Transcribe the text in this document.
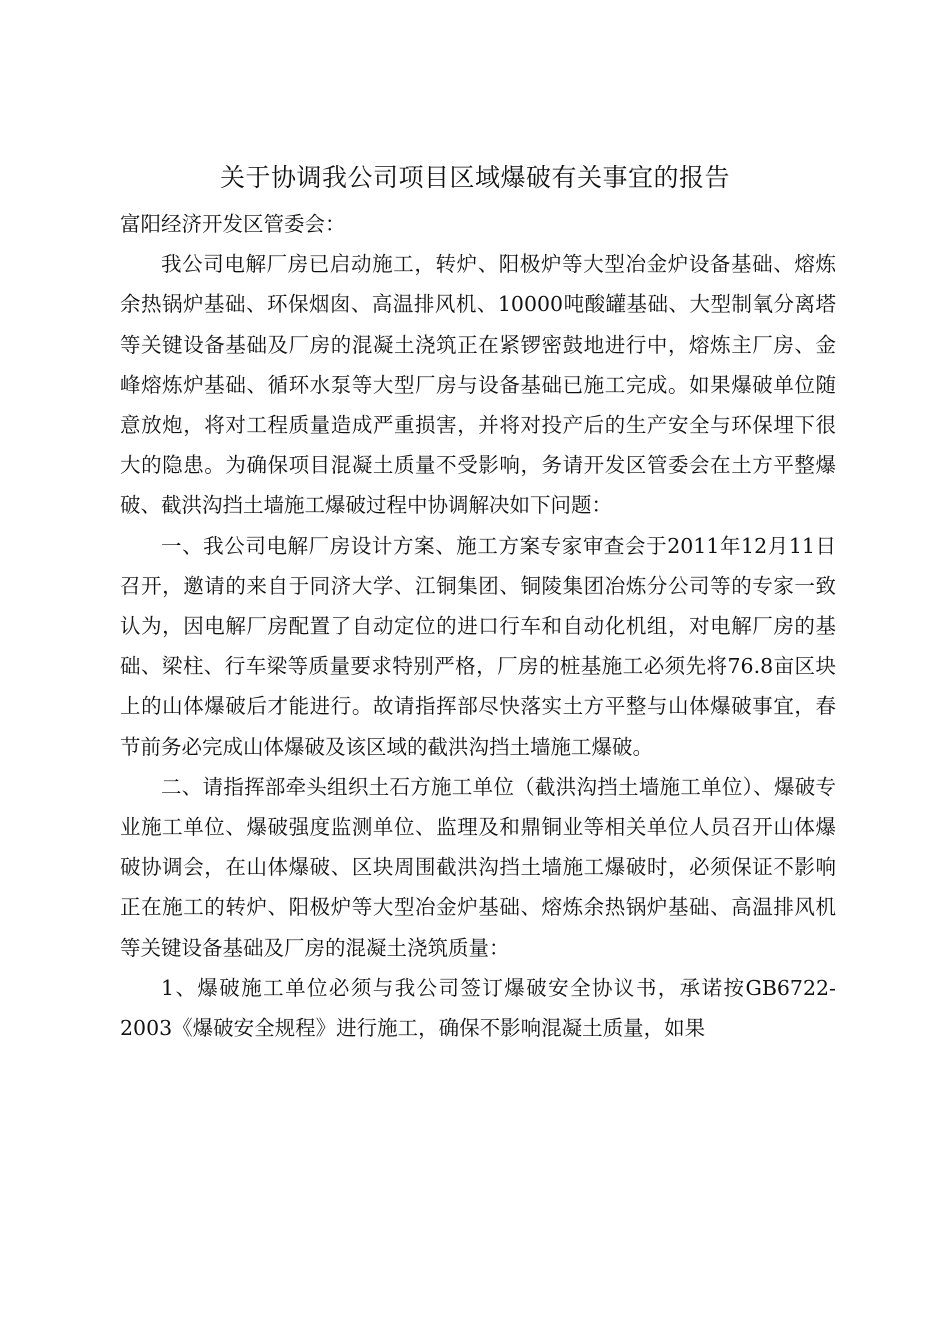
关于协调我公司项目区域爆破有关事宜的报告

富阳经济开发区管委会：

我公司电解厂房已启动施工，转炉、阳极炉等大型冶金炉设备基础、熔炼余热锅炉基础、环保烟囱、高温排风机、10000吨酸罐基础、大型制氧分离塔等关键设备基础及厂房的混凝土浇筑正在紧锣密鼓地进行中，熔炼主厂房、金峰熔炼炉基础、循环水泵等大型厂房与设备基础已施工完成。如果爆破单位随意放炮，将对工程质量造成严重损害，并将对投产后的生产安全与环保埋下很大的隐患。为确保项目混凝土质量不受影响，务请开发区管委会在土方平整爆破、截洪沟挡土墙施工爆破过程中协调解决如下问题：

一、我公司电解厂房设计方案、施工方案专家审查会于2011年12月11日召开，邀请的来自于同济大学、江铜集团、铜陵集团冶炼分公司等的专家一致认为，因电解厂房配置了自动定位的进口行车和自动化机组，对电解厂房的基础、梁柱、行车梁等质量要求特别严格，厂房的桩基施工必须先将76.8亩区块上的山体爆破后才能进行。故请指挥部尽快落实土方平整与山体爆破事宜，春节前务必完成山体爆破及该区域的截洪沟挡土墙施工爆破。

二、请指挥部牵头组织土石方施工单位（截洪沟挡土墙施工单位）、爆破专业施工单位、爆破强度监测单位、监理及和鼎铜业等相关单位人员召开山体爆破协调会，在山体爆破、区块周围截洪沟挡土墙施工爆破时，必须保证不影响正在施工的转炉、阳极炉等大型冶金炉基础、熔炼余热锅炉基础、高温排风机等关键设备基础及厂房的混凝土浇筑质量：

1、爆破施工单位必须与我公司签订爆破安全协议书，承诺按GB6722-2003《爆破安全规程》进行施工，确保不影响混凝土质量，如果
